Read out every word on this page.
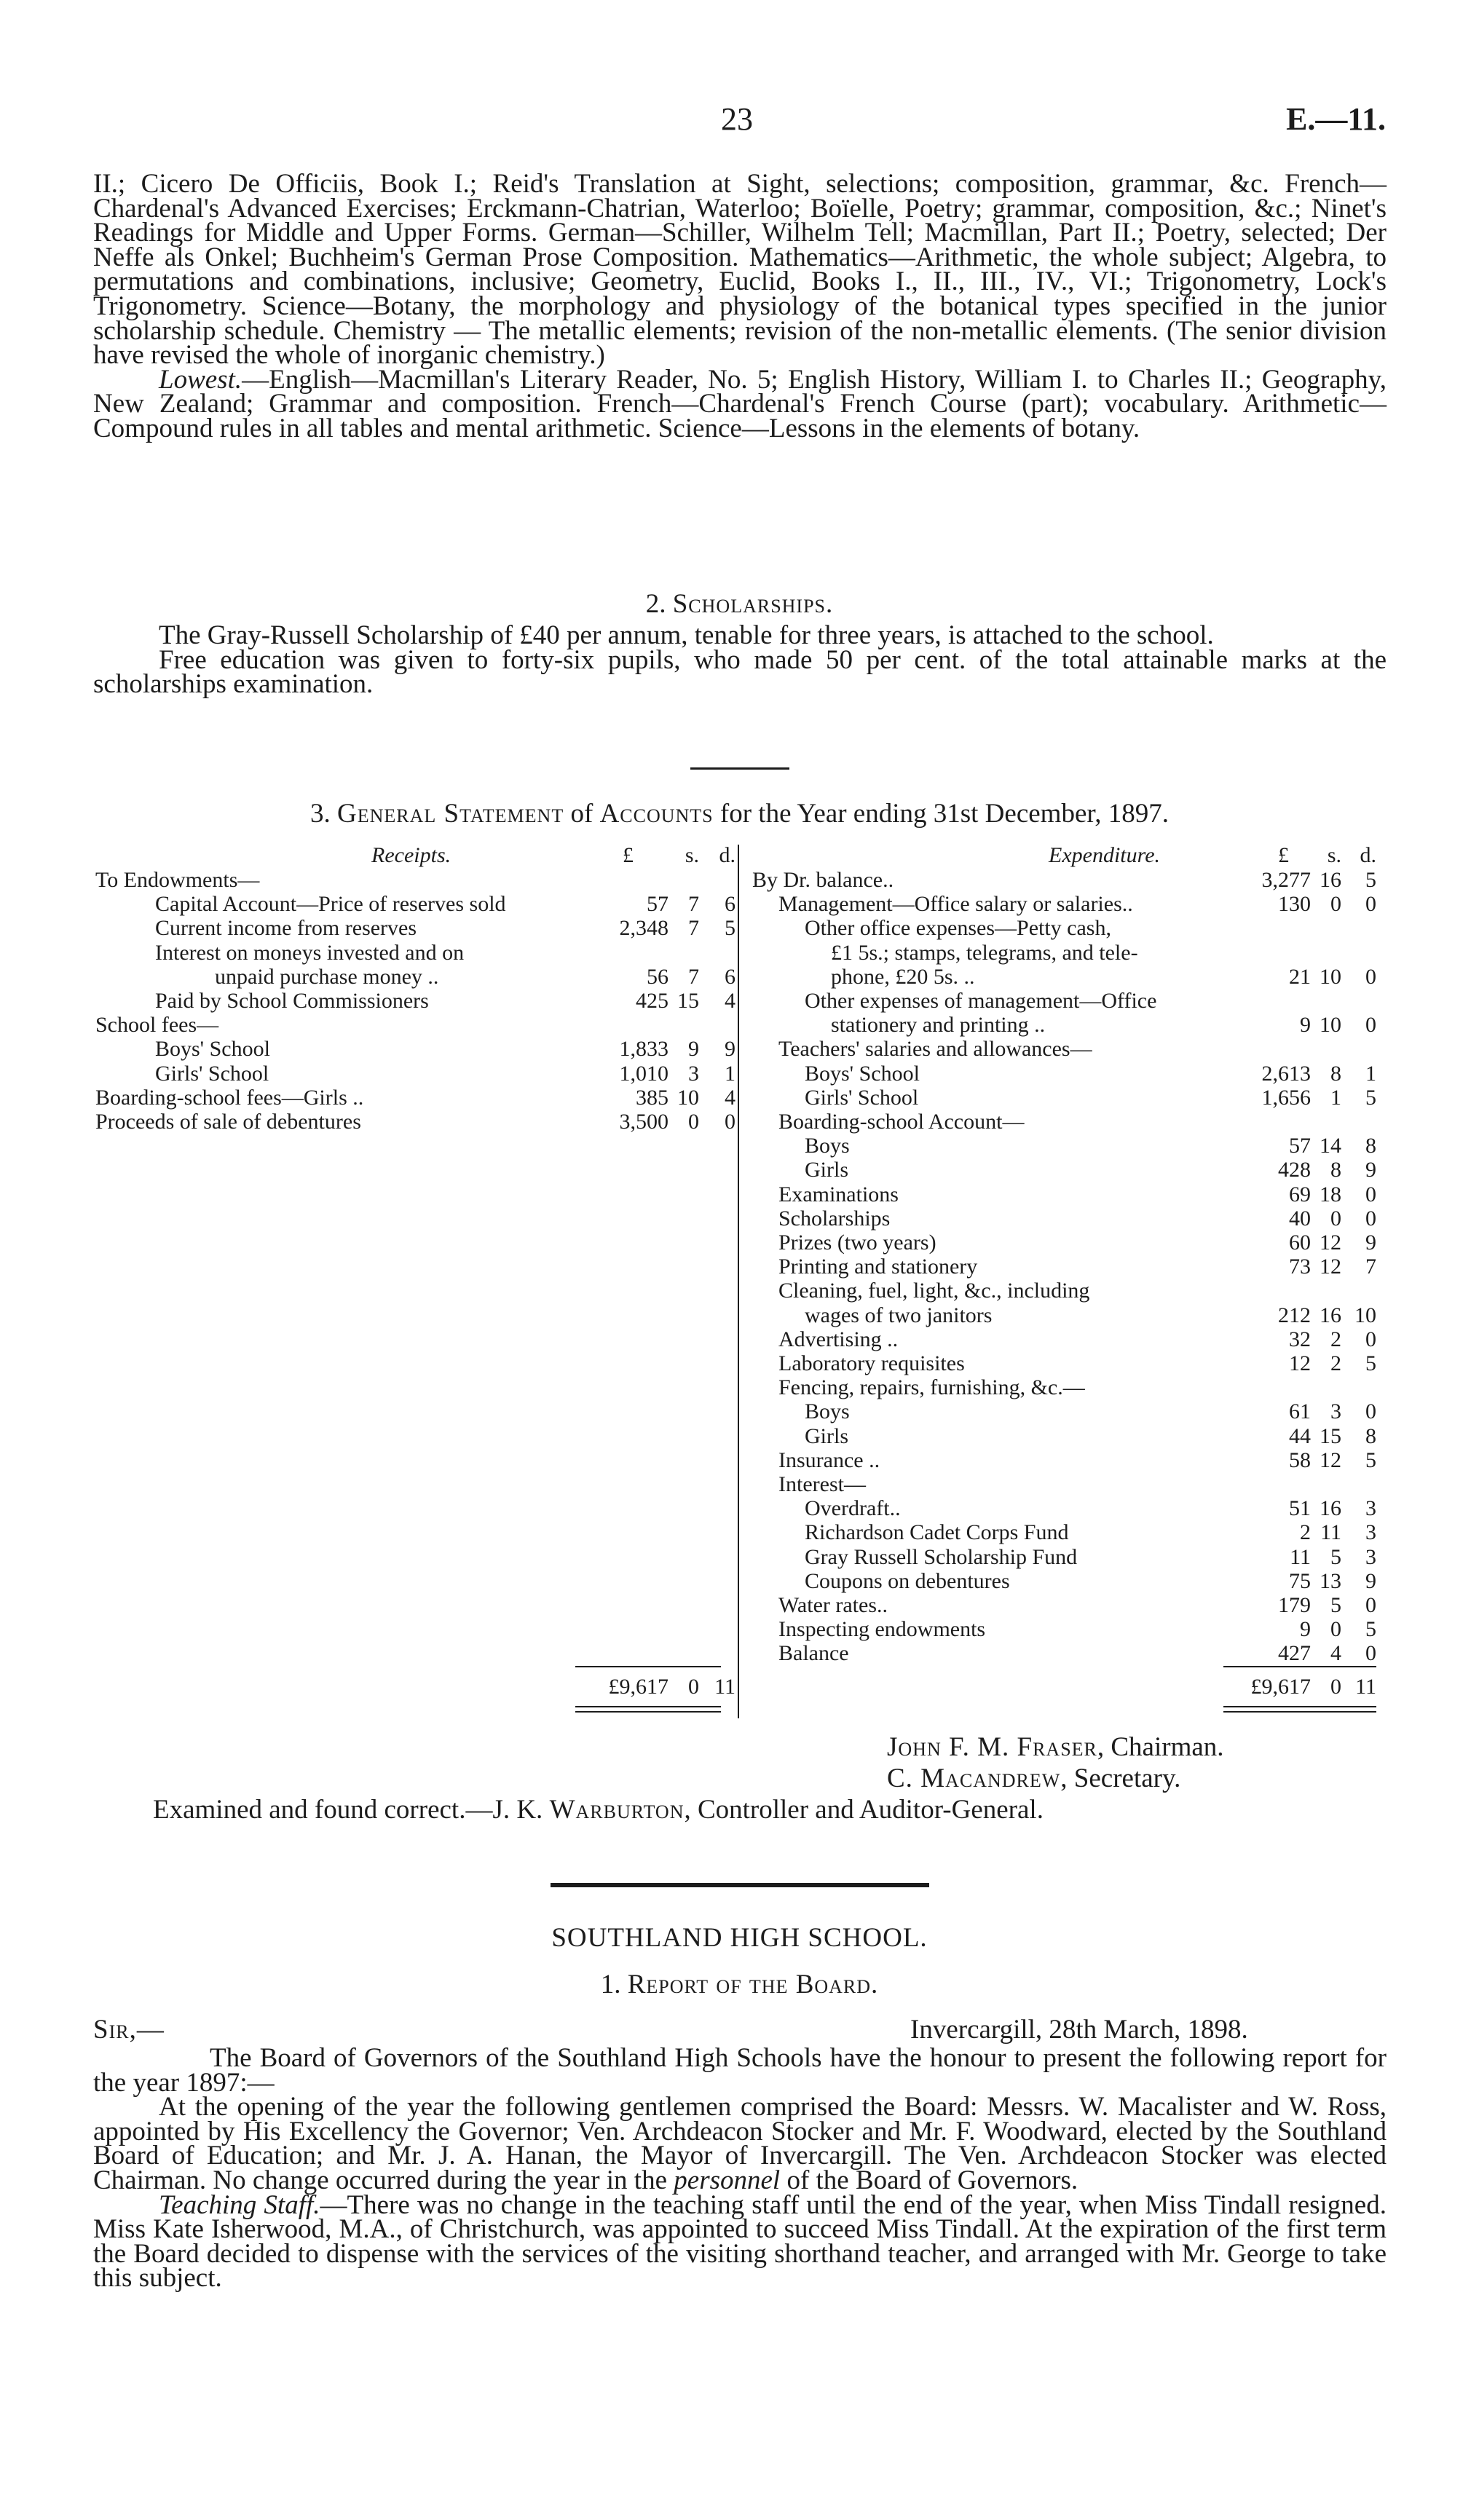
23	E.—11.

II.; Cicero De Officiis, Book I.; Reid's Translation at Sight, selections; composition, grammar, &c. French—Chardenal's Advanced Exercises; Erckmann-Chatrian, Waterloo; Boïelle, Poetry; grammar, composition, &c.; Ninet's Readings for Middle and Upper Forms. German—Schiller, Wilhelm Tell; Macmillan, Part II.; Poetry, selected; Der Neffe als Onkel; Buchheim's German Prose Composition. Mathematics—Arithmetic, the whole subject; Algebra, to permutations and combinations, inclusive; Geometry, Euclid, Books I., II., III., IV., VI.; Trigonometry, Lock's Trigonometry. Science—Botany, the morphology and physiology of the botanical types specified in the junior scholarship schedule. Chemistry — The metallic elements; revision of the non-metallic elements. (The senior division have revised the whole of inorganic chemistry.)

Lowest.—English—Macmillan's Literary Reader, No. 5; English History, William I. to Charles II.; Geography, New Zealand; Grammar and composition. French—Chardenal's French Course (part); vocabulary. Arithmetic—Compound rules in all tables and mental arithmetic. Science—Lessons in the elements of botany.

2. Scholarships.

The Gray-Russell Scholarship of £40 per annum, tenable for three years, is attached to the school.

Free education was given to forty-six pupils, who made 50 per cent. of the total attainable marks at the scholarships examination.

3. General Statement of Accounts for the Year ending 31st December, 1897.
Receipts.	£	s. d.	Expenditure.	£	s. d.
To Endowments—
Capital Account—Price of reserves sold	57 7	6
Current income from reserves	2,348 7	5
Interest on moneys invested and on
unpaid purchase money ..	56 7	6
Paid by School Commissioners	425 15	4
School fees—
Boys' School	1,833 9	9
Girls' School	1,010 3	1
Boarding-school fees—Girls ..	385 10	4
Proceeds of sale of debentures	3,500 0	0
By Dr. balance..	3,277 16	5
Management—Office salary or salaries..	130 0	0
Other office expenses—Petty cash,
£1 5s.; stamps, telegrams, and tele-
phone, £20 5s. ..	21 10	0
Other expenses of management—Office
stationery and printing ..	9 10	0
Teachers' salaries and allowances—
Boys' School	2,613 8	1
Girls' School	1,656 1	5
Boarding-school Account—
Boys	57 14	8
Girls	428 8	9
Examinations	69 18	0
Scholarships	40 0	0
Prizes (two years)	60 12	9
Printing and stationery	73 12	7
Cleaning, fuel, light, &c., including
wages of two janitors	212 16 10
Advertising ..	32 2	0
Laboratory requisites	12 2	5
Fencing, repairs, furnishing, &c.—
Boys	61 3	0
Girls	44 15	8
Insurance ..	58 12	5
Interest—
Overdraft..	51 16	3
Richardson Cadet Corps Fund	2 11	3
Gray Russell Scholarship Fund	11 5	3
Coupons on debentures	75 13	9
Water rates..	179 5	0
Inspecting endowments	9 0	5
Balance	427 4	0
£9,617 0 11	£9,617 0 11
John F. M. Fraser, Chairman.
C. Macandrew, Secretary.
Examined and found correct.—J. K. Warburton, Controller and Auditor-General.
SOUTHLAND HIGH SCHOOL.
1. Report of the Board.
Sir,—	Invercargill, 28th March, 1898.

The Board of Governors of the Southland High Schools have the honour to present the following report for the year 1897:—

At the opening of the year the following gentlemen comprised the Board: Messrs. W. Macalister and W. Ross, appointed by His Excellency the Governor; Ven. Archdeacon Stocker and Mr. F. Woodward, elected by the Southland Board of Education; and Mr. J. A. Hanan, the Mayor of Invercargill. The Ven. Archdeacon Stocker was elected Chairman. No change occurred during the year in the personnel of the Board of Governors.

Teaching Staff.—There was no change in the teaching staff until the end of the year, when Miss Tindall resigned. Miss Kate Isherwood, M.A., of Christchurch, was appointed to succeed Miss Tindall. At the expiration of the first term the Board decided to dispense with the services of the visiting shorthand teacher, and arranged with Mr. George to take this subject.
